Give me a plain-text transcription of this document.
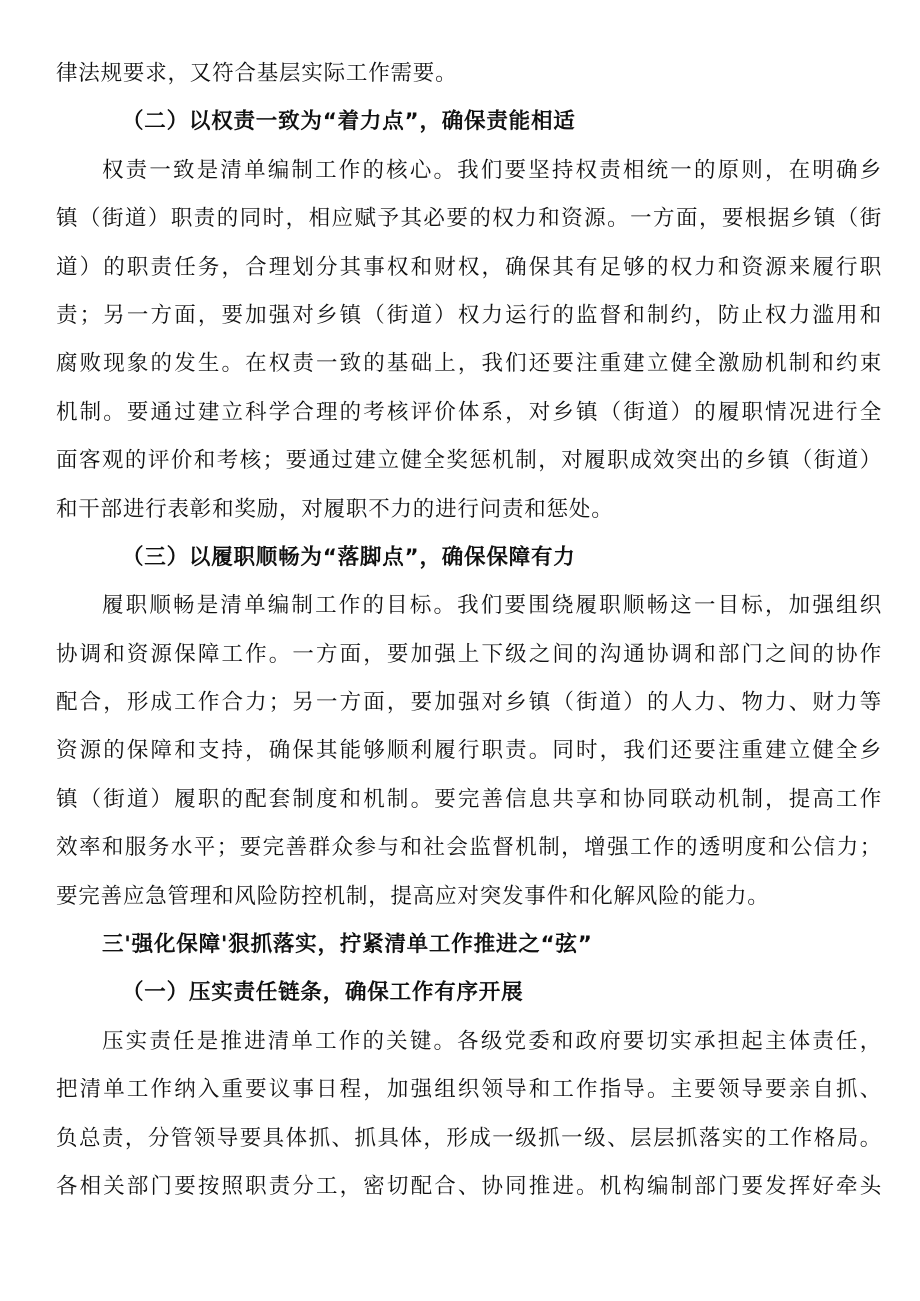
律法规要求，又符合基层实际工作需要。
（二）以权责一致为“着力点”，确保责能相适
权责一致是清单编制工作的核心。我们要坚持权责相统一的原则，在明确乡
镇（街道）职责的同时，相应赋予其必要的权力和资源。一方面，要根据乡镇（街
道）的职责任务，合理划分其事权和财权，确保其有足够的权力和资源来履行职
责；另一方面，要加强对乡镇（街道）权力运行的监督和制约，防止权力滥用和
腐败现象的发生。在权责一致的基础上，我们还要注重建立健全激励机制和约束
机制。要通过建立科学合理的考核评价体系，对乡镇（街道）的履职情况进行全
面客观的评价和考核；要通过建立健全奖惩机制，对履职成效突出的乡镇（街道）
和干部进行表彰和奖励，对履职不力的进行问责和惩处。
（三）以履职顺畅为“落脚点”，确保保障有力
履职顺畅是清单编制工作的目标。我们要围绕履职顺畅这一目标，加强组织
协调和资源保障工作。一方面，要加强上下级之间的沟通协调和部门之间的协作
配合，形成工作合力；另一方面，要加强对乡镇（街道）的人力、物力、财力等
资源的保障和支持，确保其能够顺利履行职责。同时，我们还要注重建立健全乡
镇（街道）履职的配套制度和机制。要完善信息共享和协同联动机制，提高工作
效率和服务水平；要完善群众参与和社会监督机制，增强工作的透明度和公信力；
要完善应急管理和风险防控机制，提高应对突发事件和化解风险的能力。
三'强化保障'狠抓落实，拧紧清单工作推进之“弦”
（一）压实责任链条，确保工作有序开展
压实责任是推进清单工作的关键。各级党委和政府要切实承担起主体责任，
把清单工作纳入重要议事日程，加强组织领导和工作指导。主要领导要亲自抓、
负总责，分管领导要具体抓、抓具体，形成一级抓一级、层层抓落实的工作格局。
各相关部门要按照职责分工，密切配合、协同推进。机构编制部门要发挥好牵头
